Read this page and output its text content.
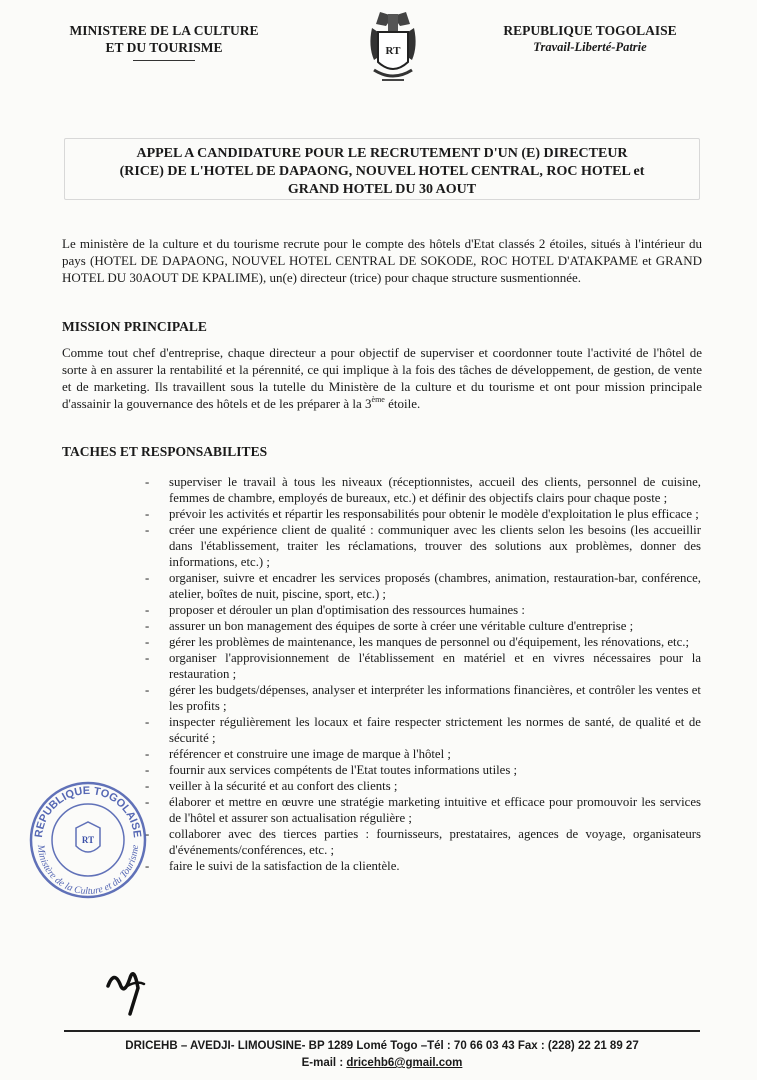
MINISTERE DE LA CULTURE
ET DU TOURISME	RT
REPUBLIQUE TOGOLAISE
Travail-Liberté-Patrie
APPEL A CANDIDATURE POUR LE RECRUTEMENT D'UN (E) DIRECTEUR
(RICE) DE L'HOTEL DE DAPAONG, NOUVEL HOTEL CENTRAL, ROC HOTEL et
GRAND HOTEL DU 30 AOUT
Le ministère de la culture et du tourisme recrute pour le compte des hôtels d'Etat classés 2 étoiles, situés à l'intérieur du pays (HOTEL DE DAPAONG, NOUVEL HOTEL CENTRAL DE SOKODE, ROC HOTEL D'ATAKPAME et GRAND HOTEL DU 30AOUT DE KPALIME), un(e) directeur (trice) pour chaque structure susmentionnée.
MISSION PRINCIPALE
Comme tout chef d'entreprise, chaque directeur a pour objectif de superviser et coordonner toute l'activité de l'hôtel de sorte à en assurer la rentabilité et la pérennité, ce qui implique à la fois des tâches de développement, de gestion, de vente et de marketing. Ils travaillent sous la tutelle du Ministère de la culture et du tourisme et ont pour mission principale d'assainir la gouvernance des hôtels et de les préparer à la 3ème étoile.
TACHES ET RESPONSABILITES
- superviser le travail à tous les niveaux (réceptionnistes, accueil des clients, personnel de cuisine, femmes de chambre, employés de bureaux, etc.) et définir des objectifs clairs pour chaque poste ;
- prévoir les activités et répartir les responsabilités pour obtenir le modèle d'exploitation le plus efficace ;
- créer une expérience client de qualité : communiquer avec les clients selon les besoins (les accueillir dans l'établissement, traiter les réclamations, trouver des solutions aux problèmes, donner des informations, etc.) ;
- organiser, suivre et encadrer les services proposés (chambres, animation, restauration-bar, conférence, atelier, boîtes de nuit, piscine, sport, etc.) ;
- proposer et dérouler un plan d'optimisation des ressources humaines :
- assurer un bon management des équipes de sorte à créer une véritable culture d'entreprise ;
- gérer les problèmes de maintenance, les manques de personnel ou d'équipement, les rénovations, etc.;
- organiser l'approvisionnement de l'établissement en matériel et en vivres nécessaires pour la restauration ;
- gérer les budgets/dépenses, analyser et interpréter les informations financières, et contrôler les ventes et les profits ;
- inspecter régulièrement les locaux et faire respecter strictement les normes de santé, de qualité et de sécurité ;
- référencer et construire une image de marque à l'hôtel ;
- fournir aux services compétents de l'Etat toutes informations utiles ;
- veiller à la sécurité et au confort des clients ;
- élaborer et mettre en œuvre une stratégie marketing intuitive et efficace pour promouvoir les services de l'hôtel et assurer son actualisation régulière ;
- collaborer avec des tierces parties : fournisseurs, prestataires, agences de voyage, organisateurs d'événements/conférences, etc. ;
- faire le suivi de la satisfaction de la clientèle.
REPUBLIQUE TOGOLAISE
Ministère de la Culture et du Tourisme
RT
DRICEHB – AVEDJI- LIMOUSINE- BP 1289 Lomé Togo –Tél : 70 66 03 43 Fax : (228) 22 21 89 27
E-mail : dricehb6@gmail.com
